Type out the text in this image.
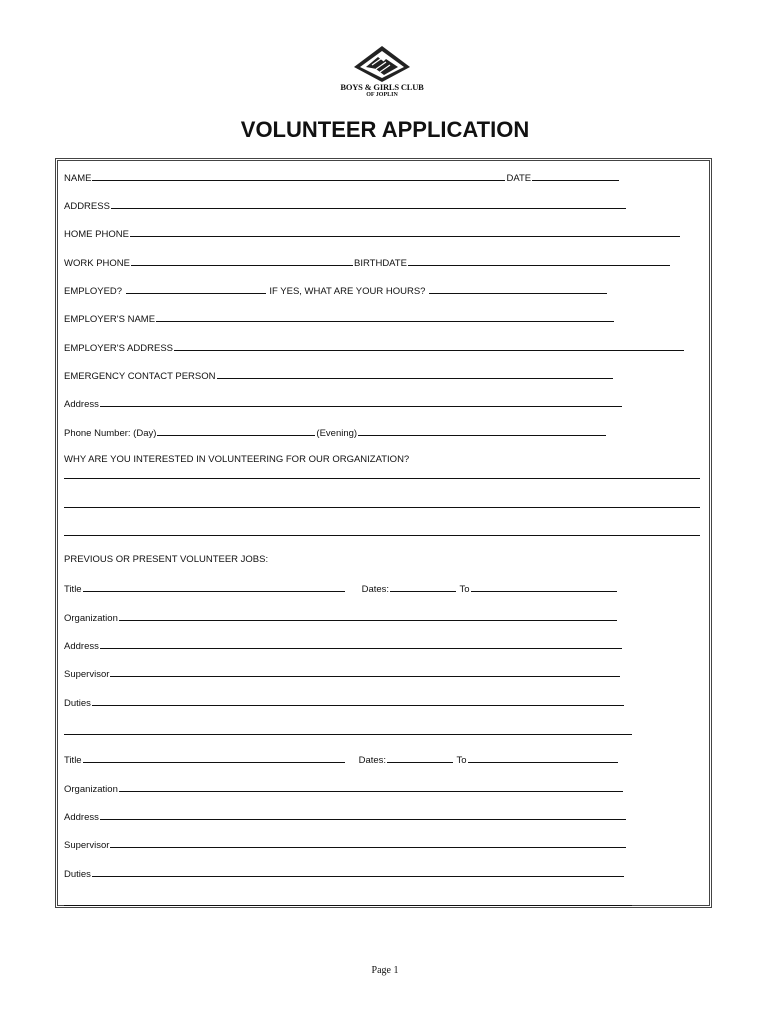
BOYS & GIRLS CLUB
OF JOPLIN
VOLUNTEER APPLICATION
NAME	DATE
ADDRESS
HOME PHONE
WORK PHONE	BIRTHDATE
EMPLOYED?	IF YES, WHAT ARE YOUR HOURS?
EMPLOYER'S NAME
EMPLOYER'S ADDRESS
EMERGENCY CONTACT PERSON
Address
Phone Number: (Day)	(Evening)
WHY ARE YOU INTERESTED IN VOLUNTEERING FOR OUR ORGANIZATION?
PREVIOUS OR PRESENT VOLUNTEER JOBS:
Title	Dates:	To
Organization
Address
Supervisor
Duties
Title	Dates:	To
Organization
Address
Supervisor
Duties
Page 1
